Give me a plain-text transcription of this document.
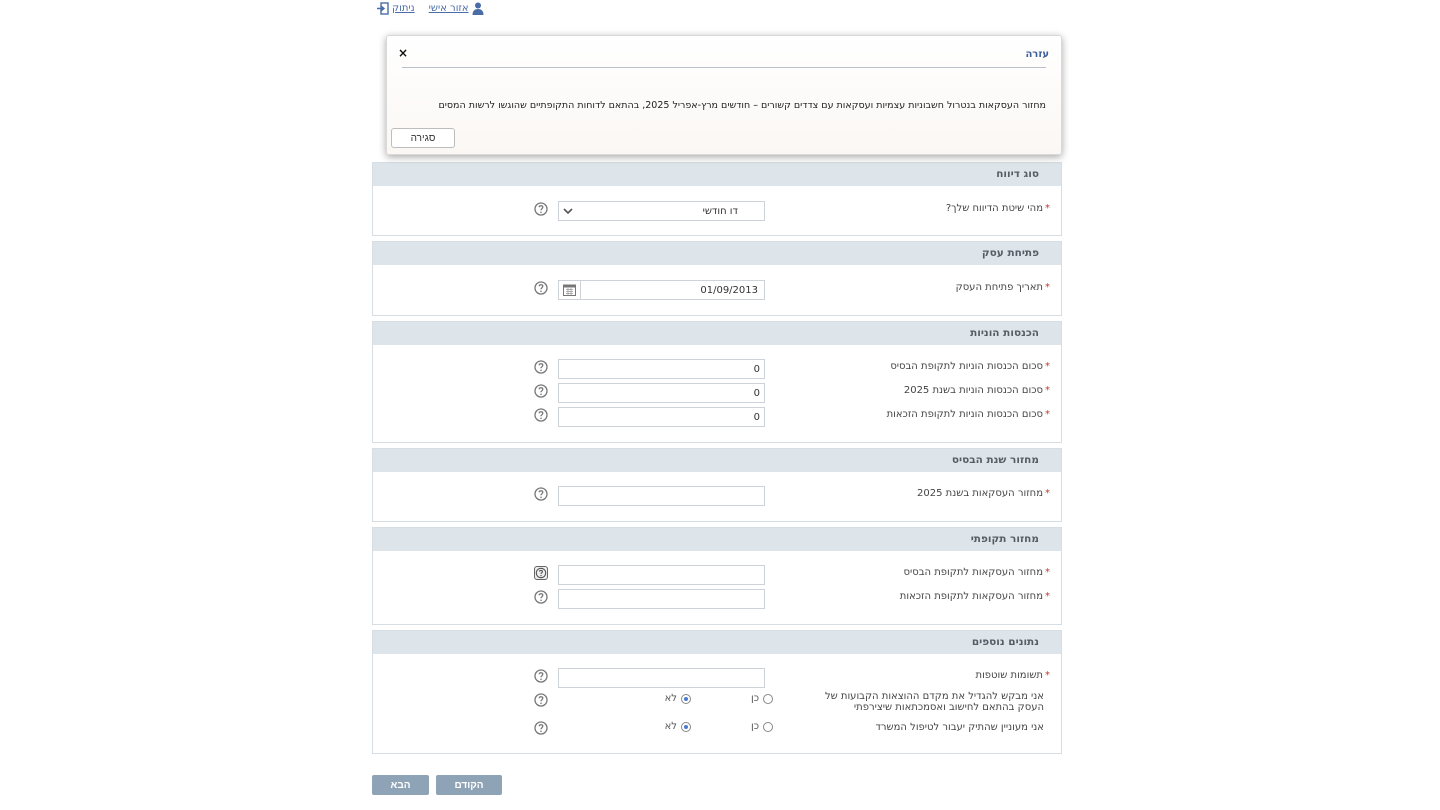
ניתוק אזור אישי
סוג דיווח
*מהי שיטת הדיווח שלך?
דו חודשי
פתיחת עסק
*תאריך פתיחת העסק
01/09/2013
הכנסות הוניות
*סכום הכנסות הוניות לתקופת הבסיס
0
*סכום הכנסות הוניות בשנת 2025
0
*סכום הכנסות הוניות לתקופת הזכאות
0
מחזור שנת הבסיס
*מחזור העסקאות בשנת 2025
מחזור תקופתי
*מחזור העסקאות לתקופת הבסיס
*מחזור העסקאות לתקופת הזכאות
נתונים נוספים
*תשומות שוטפות
אני מבקש להגדיל את מקדם ההוצאות הקבועות של העסק בהתאם לחישוב ואסמכתאות שיצירפתי
כן
לא
אני מעוניין שהתיק יעבור לטיפול המשרד
כן
לא
הבא	הקודם
עזרה
×
מחזור העסקאות בנטרול חשבוניות עצמיות ועסקאות עם צדדים קשורים – חודשים מרץ-אפריל 2025, בהתאם לדוחות התקופתיים שהוגשו לרשות המסים
סגירה
